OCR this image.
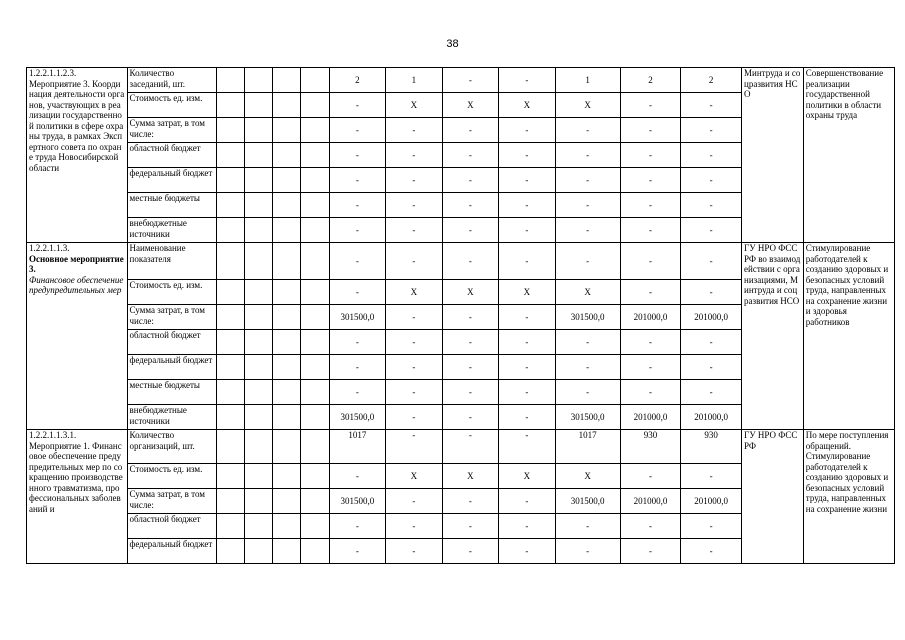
38
1.2.2.1.1.2.3.
Мероприятие 3. Координация деятельности органов, участвующих в реализации государственной политики в сфере охраны труда, в рамках Экспертного совета по охране труда Новосибирской области	Количество заседаний, шт.					2	1	-	-	1	2	2	Минтруда и соцразвития НСО	Совершенствование реализации государственной политики в области охраны труда
	Стоимость ед. изм.					-	X	X	X	X	-	-		
	Сумма затрат, в том числе:					-	-	-	-	-	-	-		
	областной бюджет					-	-	-	-	-	-	-		
	федеральный бюджет					-	-	-	-	-	-	-		
	местные бюджеты					-	-	-	-	-	-	-		
	внебюджетные источники					-	-	-	-	-	-	-		

1.2.2.1.1.3.
Основное мероприятие 3.
Финансовое обеспечение предупредительных мер	Наименование показателя					-	-	-	-	-	-	-	ГУ НРО ФСС РФ во взаимодействии с организациями, Минтруда и соцразвития НСО	Стимулирование работодателей к созданию здоровых и безопасных условий труда, направленных на сохранение жизни и здоровья работников
	Стоимость ед. изм.					-	X	X	X	X	-	-		
	Сумма затрат, в том числе:					301500,0	-	-	-	301500,0	201000,0	201000,0		
	областной бюджет					-	-	-	-	-	-	-		
	федеральный бюджет					-	-	-	-	-	-	-		
	местные бюджеты					-	-	-	-	-	-	-		
	внебюджетные источники					301500,0	-	-	-	301500,0	201000,0	201000,0		

1.2.2.1.1.3.1.
Мероприятие 1. Финансовое обеспечение предупредительных мер по сокращению производственного травматизма, профессиональных заболеваний и	Количество организаций, шт.					1017	-	-	-	1017	930	930	ГУ НРО ФСС РФ	По мере поступления обращений. Стимулирование работодателей к созданию здоровых и безопасных условий труда, направленных на сохранение жизни
	Стоимость ед. изм.					-	X	X	X	X	-	-		
	Сумма затрат, в том числе:					301500,0	-	-	-	301500,0	201000,0	201000,0		
	областной бюджет					-	-	-	-	-	-	-		
	федеральный бюджет					-	-	-	-	-	-	-		
